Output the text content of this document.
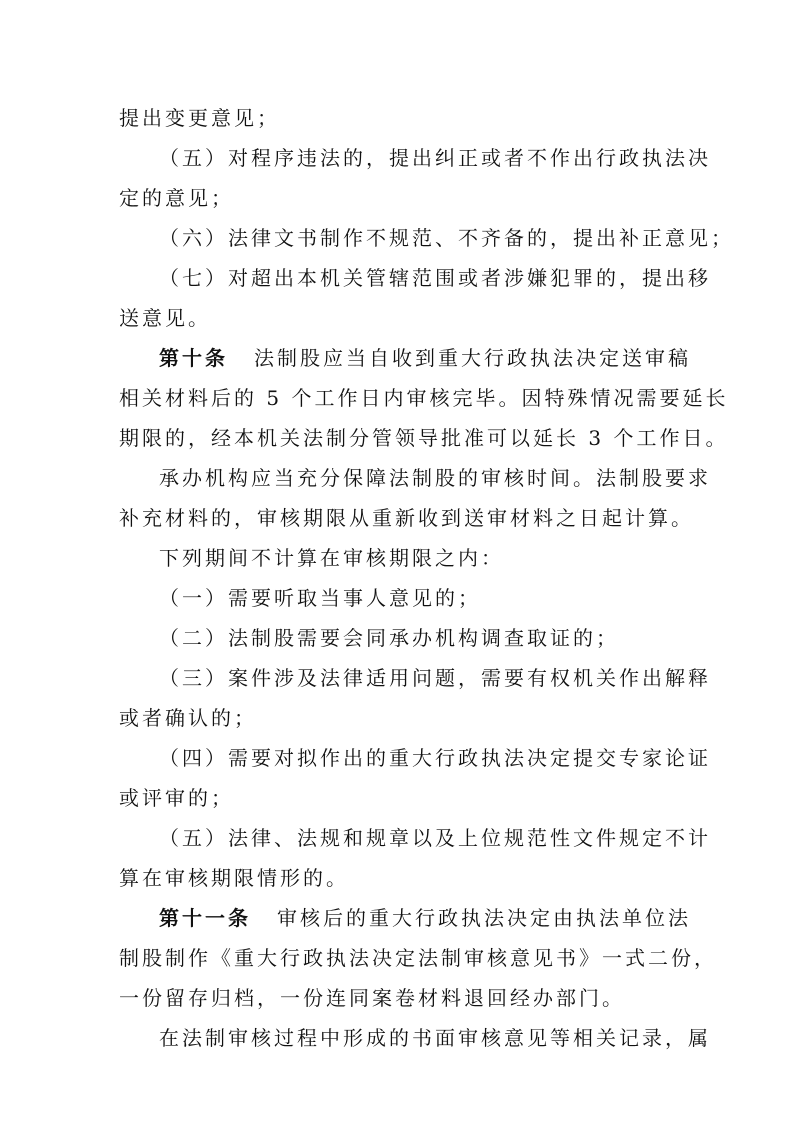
提出变更意见；
（五）对程序违法的，提出纠正或者不作出行政执法决
定的意见；
（六）法律文书制作不规范、不齐备的，提出补正意见；
（七）对超出本机关管辖范围或者涉嫌犯罪的，提出移
送意见。
第十条 法制股应当自收到重大行政执法决定送审稿
相关材料后的 5 个工作日内审核完毕。因特殊情况需要延长
期限的，经本机关法制分管领导批准可以延长 3 个工作日。
承办机构应当充分保障法制股的审核时间。法制股要求
补充材料的，审核期限从重新收到送审材料之日起计算。
下列期间不计算在审核期限之内：
（一）需要听取当事人意见的；
（二）法制股需要会同承办机构调查取证的；
（三）案件涉及法律适用问题，需要有权机关作出解释
或者确认的；
（四）需要对拟作出的重大行政执法决定提交专家论证
或评审的；
（五）法律、法规和规章以及上位规范性文件规定不计
算在审核期限情形的。
第十一条 审核后的重大行政执法决定由执法单位法
制股制作《重大行政执法决定法制审核意见书》一式二份，
一份留存归档，一份连同案卷材料退回经办部门。
在法制审核过程中形成的书面审核意见等相关记录，属
